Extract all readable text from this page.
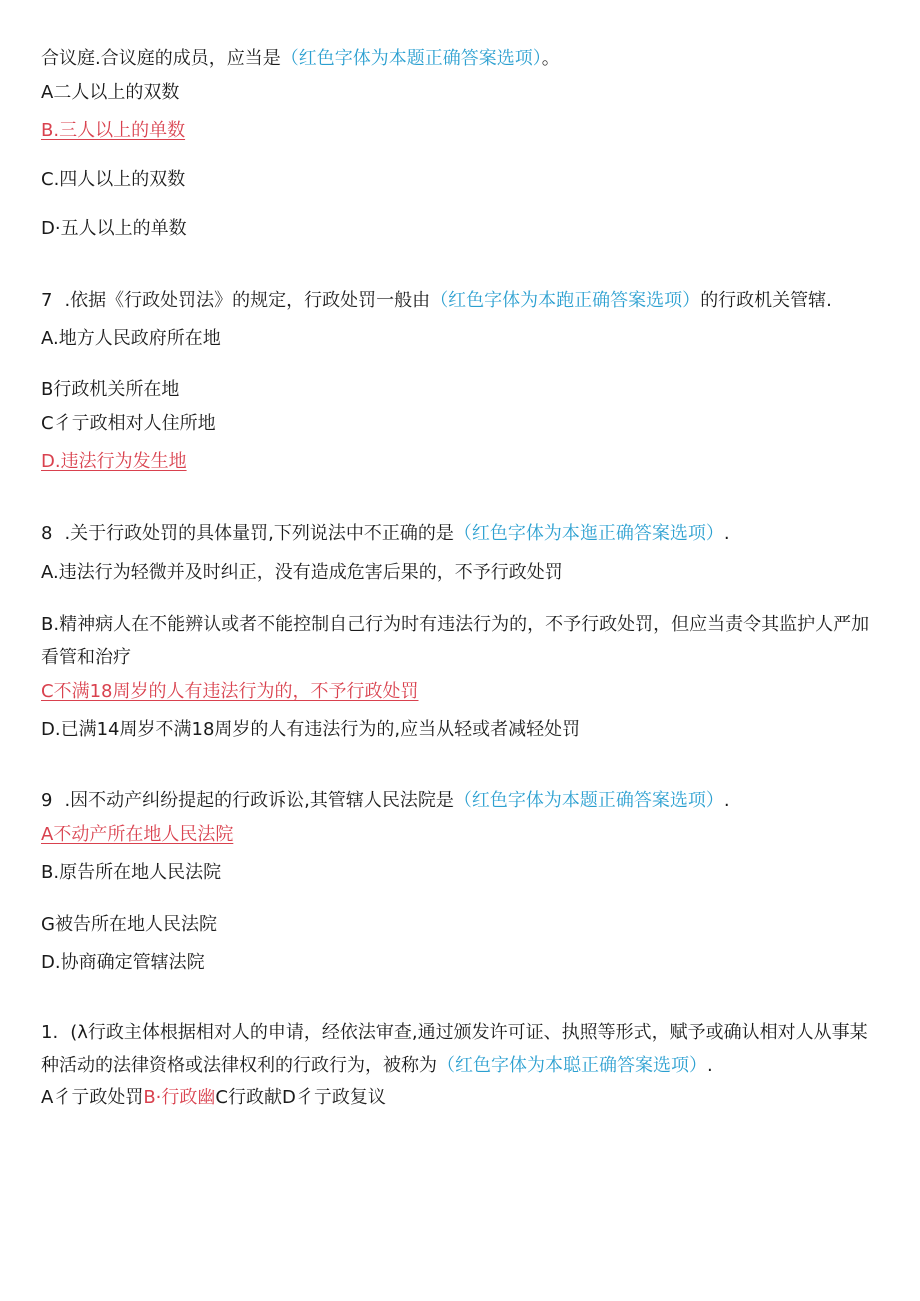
合议庭.合议庭的成员，应当是（红色字体为本题正确答案选项）。
A二人以上的双数
B.三人以上的单数
C.四人以上的双数
D·五人以上的单数
7 .依据《行政处罚法》的规定，行政处罚一般由（红色字体为本跑正确答案选项）的行政机关管辖.
A.地方人民政府所在地
B行政机关所在地
C彳亍政相对人住所地
D.违法行为发生地
8 .关于行政处罚的具体量罚,下列说法中不正确的是（红色字体为本迤正确答案选项）.
A.违法行为轻微并及时纠正，没有造成危害后果的，不予行政处罚
B.精神病人在不能辨认或者不能控制自己行为时有违法行为的，不予行政处罚，但应当责令其监护人严加看管和治疗
C不满18周岁的人有违法行为的，不予行政处罚
D.已满14周岁不满18周岁的人有违法行为的,应当从轻或者减轻处罚
9 .因不动产纠纷提起的行政诉讼,其管辖人民法院是（红色字体为本题正确答案选项）.
A不动产所在地人民法院
B.原告所在地人民法院
G被告所在地人民法院
D.协商确定管辖法院
1. (λ行政主体根据相对人的申请，经依法审查,通过颁发许可证、执照等形式，赋予或确认相对人从事某种活动的法律资格或法律权利的行政行为，被称为（红色字体为本聪正确答案选项）.
A彳亍政处罚B·行政幽C行政献D彳亍政复议
